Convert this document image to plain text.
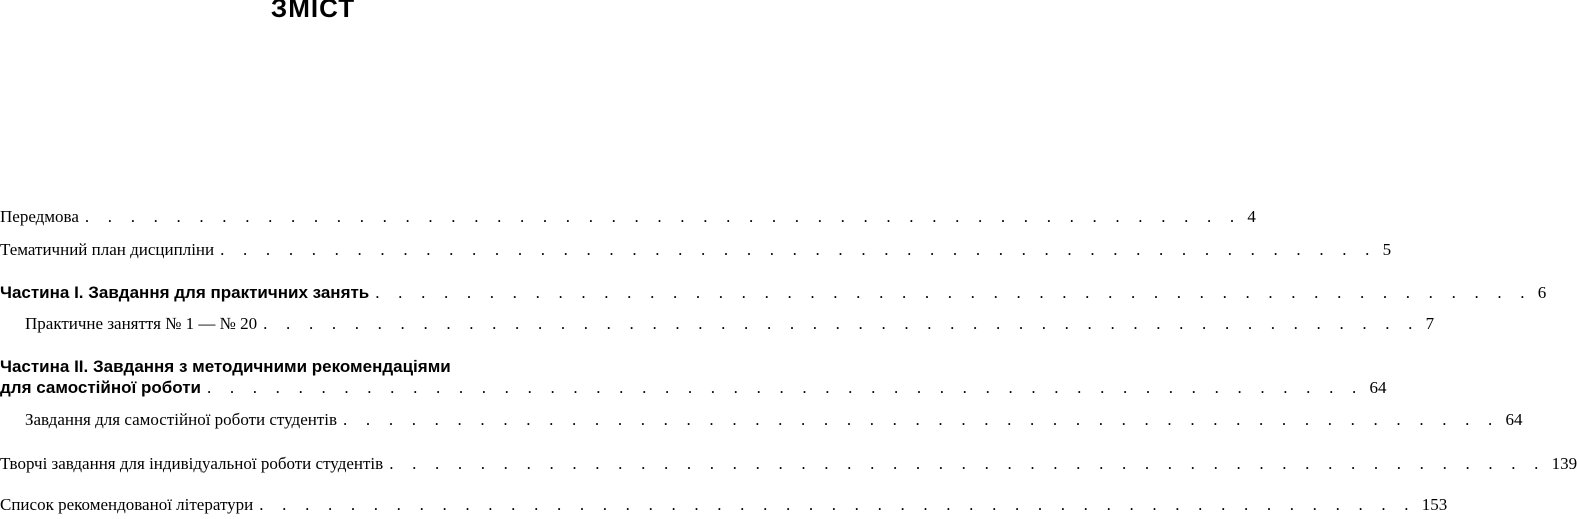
ЗМІСТ
Передмова . . . . . . . . . . . . . . . . . . . . . . . . . . . . . . . . . . . . . . . . . . . . . . . . . . . 4
Тематичний план дисципліни . . . . . . . . . . . . . . . . . . . . . . . . . . . . . . . . . . . . . . . . . . . . . . . . . . . 5
Частина І. Завдання для практичних занять . . . . . . . . . . . . . . . . . . . . . . . . . . . . . . . . . . . . . . . . . . . . . . . . . . . 6
Практичне заняття № 1 — № 20 . . . . . . . . . . . . . . . . . . . . . . . . . . . . . . . . . . . . . . . . . . . . . . . . . . . 7
Частина ІІ. Завдання з методичними рекомендаціями
для самостійної роботи . . . . . . . . . . . . . . . . . . . . . . . . . . . . . . . . . . . . . . . . . . . . . . . . . . . 64
Завдання для самостійної роботи студентів . . . . . . . . . . . . . . . . . . . . . . . . . . . . . . . . . . . . . . . . . . . . . . . . . . . 64
Творчі завдання для індивідуальної роботи студентів . . . . . . . . . . . . . . . . . . . . . . . . . . . . . . . . . . . . . . . . . . . . . . . . . . . 139
Список рекомендованої літератури . . . . . . . . . . . . . . . . . . . . . . . . . . . . . . . . . . . . . . . . . . . . . . . . . . . 153
